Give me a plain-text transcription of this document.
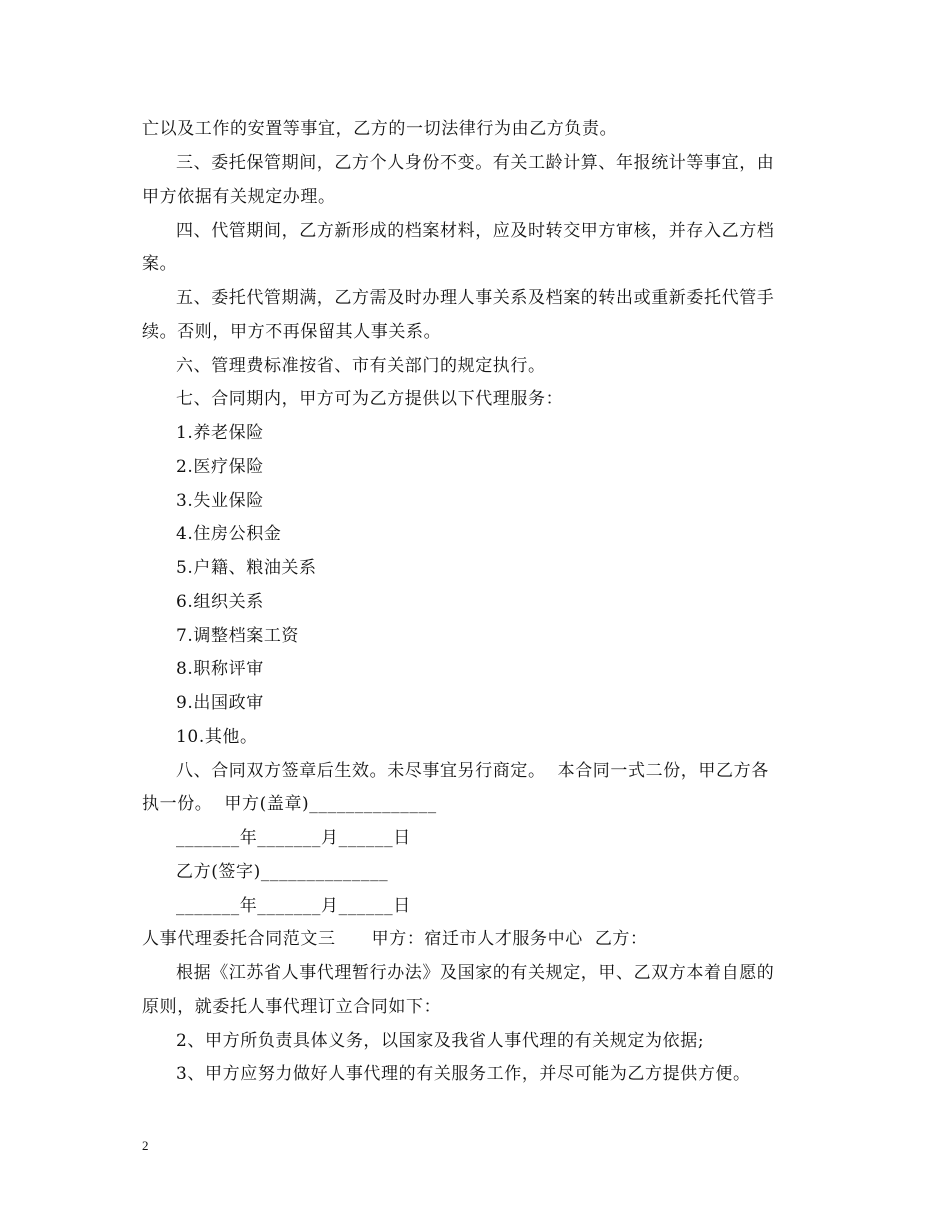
亡以及工作的安置等事宜，乙方的一切法律行为由乙方负责。
三、委托保管期间，乙方个人身份不变。有关工龄计算、年报统计等事宜，由
甲方依据有关规定办理。
四、代管期间，乙方新形成的档案材料，应及时转交甲方审核，并存入乙方档
案。
五、委托代管期满，乙方需及时办理人事关系及档案的转出或重新委托代管手
续。否则，甲方不再保留其人事关系。
六、管理费标准按省、市有关部门的规定执行。
七、合同期内，甲方可为乙方提供以下代理服务：
1.养老保险
2.医疗保险
3.失业保险
4.住房公积金
5.户籍、粮油关系
6.组织关系
7.调整档案工资
8.职称评审
9.出国政审
10.其他。
八、合同双方签章后生效。未尽事宜另行商定。  本合同一式二份，甲乙方各
执一份。  甲方(盖章)______________
_______年_______月______日
乙方(签字)______________
_______年_______月______日
人事代理委托合同范文三      甲方：宿迁市人才服务中心  乙方：
根据《江苏省人事代理暂行办法》及国家的有关规定，甲、乙双方本着自愿的
原则，就委托人事代理订立合同如下：
2、甲方所负责具体义务，以国家及我省人事代理的有关规定为依据;
3、甲方应努力做好人事代理的有关服务工作，并尽可能为乙方提供方便。
2
